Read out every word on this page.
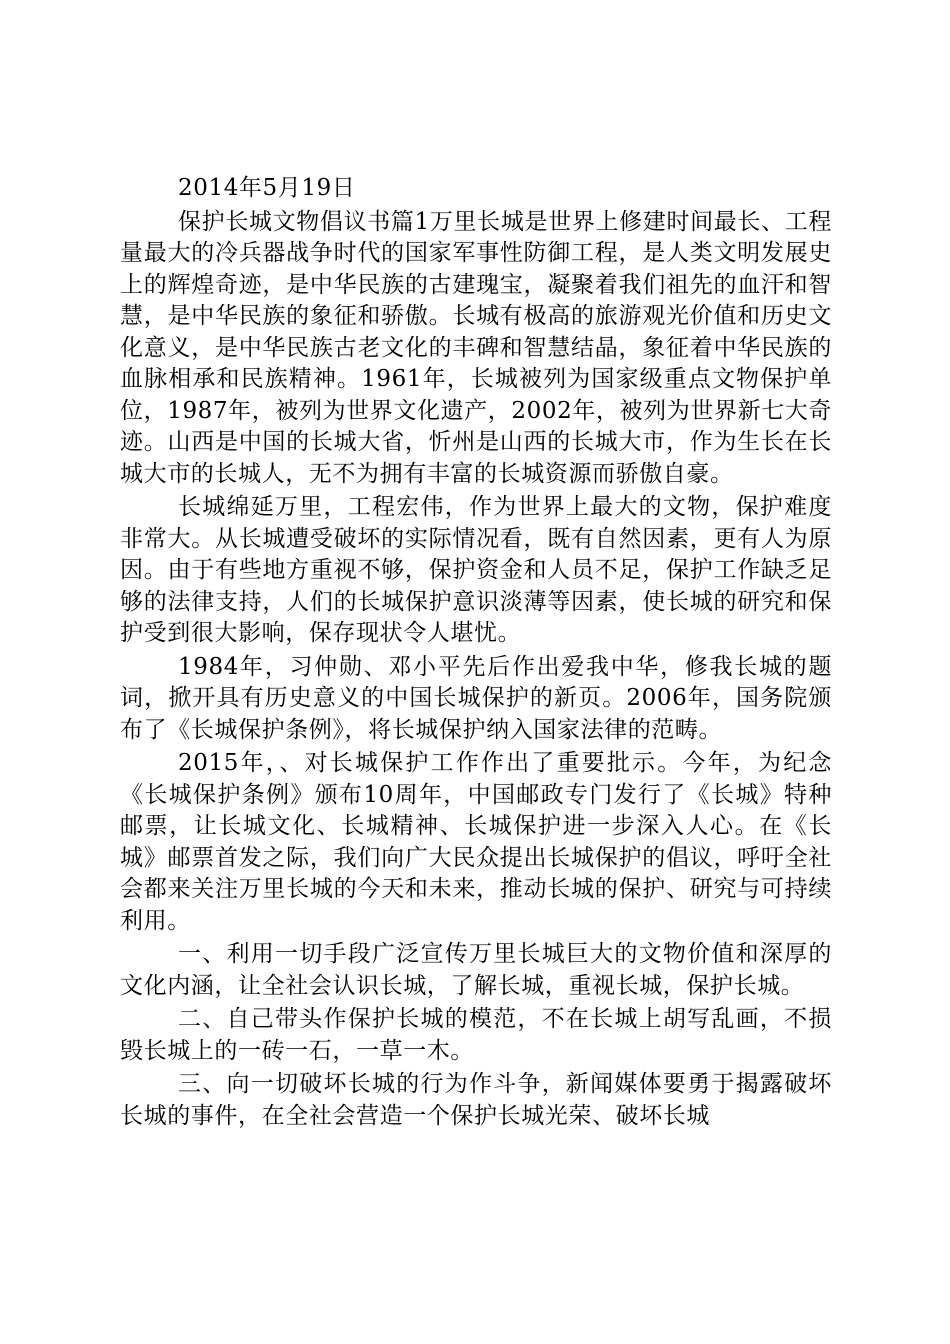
2014年5月19日

保护长城文物倡议书篇1万里长城是世界上修建时间最长、工程量最大的冷兵器战争时代的国家军事性防御工程，是人类文明发展史上的辉煌奇迹，是中华民族的古建瑰宝，凝聚着我们祖先的血汗和智慧，是中华民族的象征和骄傲。长城有极高的旅游观光价值和历史文化意义，是中华民族古老文化的丰碑和智慧结晶，象征着中华民族的血脉相承和民族精神。1961年，长城被列为国家级重点文物保护单位，1987年，被列为世界文化遗产，2002年，被列为世界新七大奇迹。山西是中国的长城大省，忻州是山西的长城大市，作为生长在长城大市的长城人，无不为拥有丰富的长城资源而骄傲自豪。

长城绵延万里，工程宏伟，作为世界上最大的文物，保护难度非常大。从长城遭受破坏的实际情况看，既有自然因素，更有人为原因。由于有些地方重视不够，保护资金和人员不足，保护工作缺乏足够的法律支持，人们的长城保护意识淡薄等因素，使长城的研究和保护受到很大影响，保存现状令人堪忧。

1984年，习仲勋、邓小平先后作出爱我中华，修我长城的题词，掀开具有历史意义的中国长城保护的新页。2006年，国务院颁布了《长城保护条例》，将长城保护纳入国家法律的范畴。

2015年，、对长城保护工作作出了重要批示。今年，为纪念《长城保护条例》颁布10周年，中国邮政专门发行了《长城》特种邮票，让长城文化、长城精神、长城保护进一步深入人心。在《长城》邮票首发之际，我们向广大民众提出长城保护的倡议，呼吁全社会都来关注万里长城的今天和未来，推动长城的保护、研究与可持续利用。

一、利用一切手段广泛宣传万里长城巨大的文物价值和深厚的文化内涵，让全社会认识长城，了解长城，重视长城，保护长城。

二、自己带头作保护长城的模范，不在长城上胡写乱画，不损毁长城上的一砖一石，一草一木。

三、向一切破坏长城的行为作斗争，新闻媒体要勇于揭露破坏长城的事件，在全社会营造一个保护长城光荣、破坏长城
